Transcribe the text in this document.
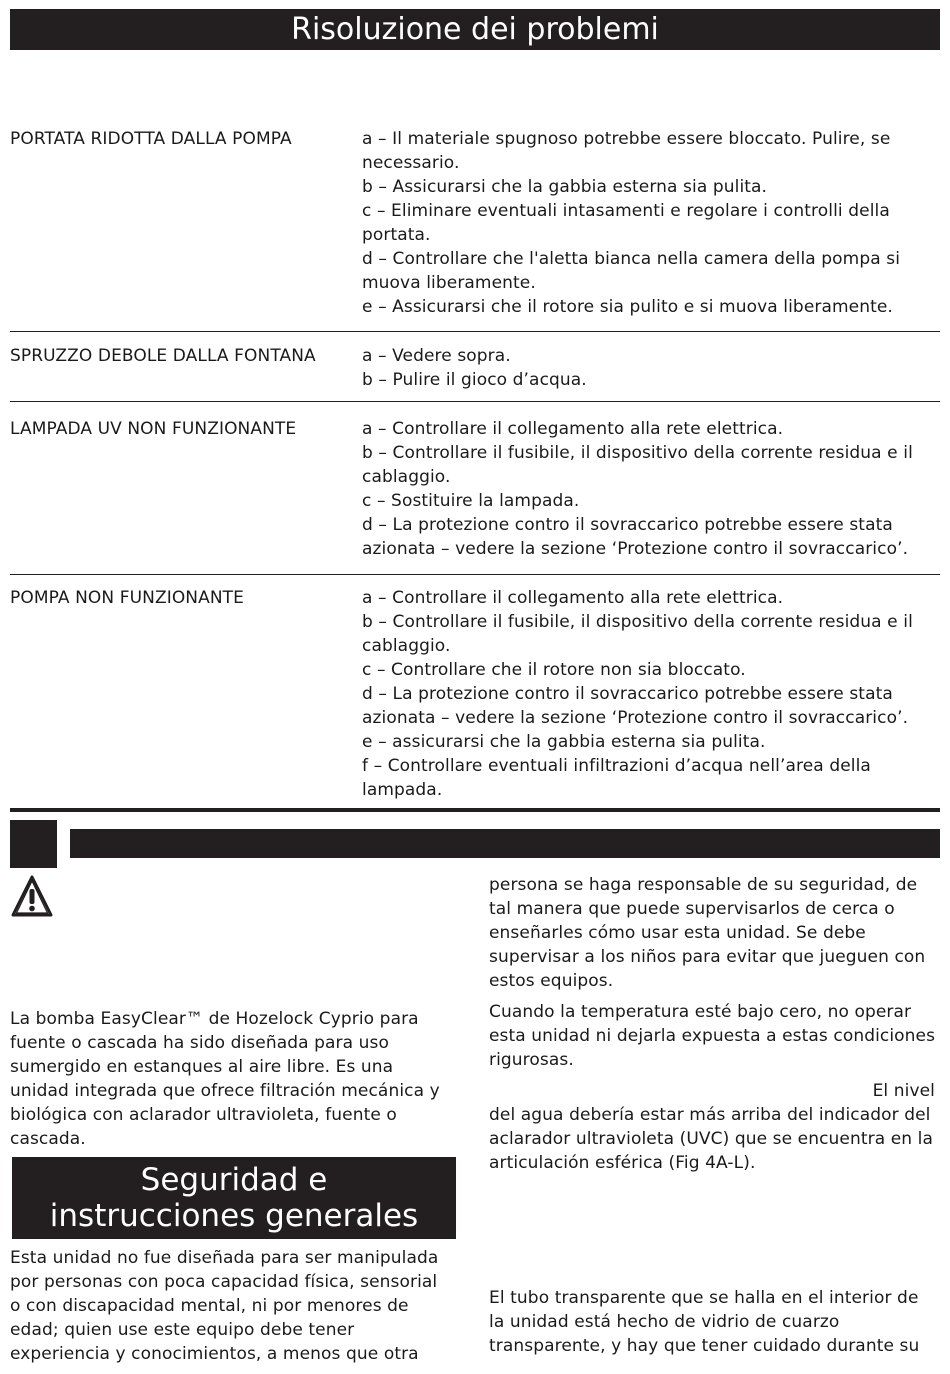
Risoluzione dei problemi
PORTATA RIDOTTA DALLA POMPA	a – Il materiale spugnoso potrebbe essere bloccato. Pulire, se necessario.

b – Assicurarsi che la gabbia esterna sia pulita.

c – Eliminare eventuali intasamenti e regolare i controlli della portata.

d – Controllare che l'aletta bianca nella camera della pompa si muova liberamente.

e – Assicurarsi che il rotore sia pulito e si muova liberamente.

SPRUZZO DEBOLE DALLA FONTANA	a – Vedere sopra.

b – Pulire il gioco d’acqua.

LAMPADA UV NON FUNZIONANTE	a – Controllare il collegamento alla rete elettrica.

b – Controllare il fusibile, il dispositivo della corrente residua e il cablaggio.

c – Sostituire la lampada.

d – La protezione contro il sovraccarico potrebbe essere stata azionata – vedere la sezione ‘Protezione contro il sovraccarico’.

POMPA NON FUNZIONANTE	a – Controllare il collegamento alla rete elettrica.

b – Controllare il fusibile, il dispositivo della corrente residua e il cablaggio.

c – Controllare che il rotore non sia bloccato.

d – La protezione contro il sovraccarico potrebbe essere stata azionata – vedere la sezione ‘Protezione contro il sovraccarico’.

e – assicurarsi che la gabbia esterna sia pulita.

f – Controllare eventuali infiltrazioni d’acqua nell’area della lampada.

La bomba EasyClear™ de Hozelock Cyprio para fuente o cascada ha sido diseñada para uso sumergido en estanques al aire libre. Es una unidad integrada que ofrece filtración mecánica y biológica con aclarador ultravioleta, fuente o cascada.
Seguridad e instrucciones generales
Esta unidad no fue diseñada para ser manipulada por personas con poca capacidad física, sensorial o con discapacidad mental, ni por menores de edad; quien use este equipo debe tener experiencia y conocimientos, a menos que otra
persona se haga responsable de su seguridad, de tal manera que puede supervisarlos de cerca o enseñarles cómo usar esta unidad. Se debe supervisar a los niños para evitar que jueguen con estos equipos.
Cuando la temperatura esté bajo cero, no operar esta unidad ni dejarla expuesta a estas condiciones rigurosas.
El nivel
del agua debería estar más arriba del indicador del aclarador ultravioleta (UVC) que se encuentra en la articulación esférica (Fig 4A-L).
El tubo transparente que se halla en el interior de la unidad está hecho de vidrio de cuarzo transparente, y hay que tener cuidado durante su
